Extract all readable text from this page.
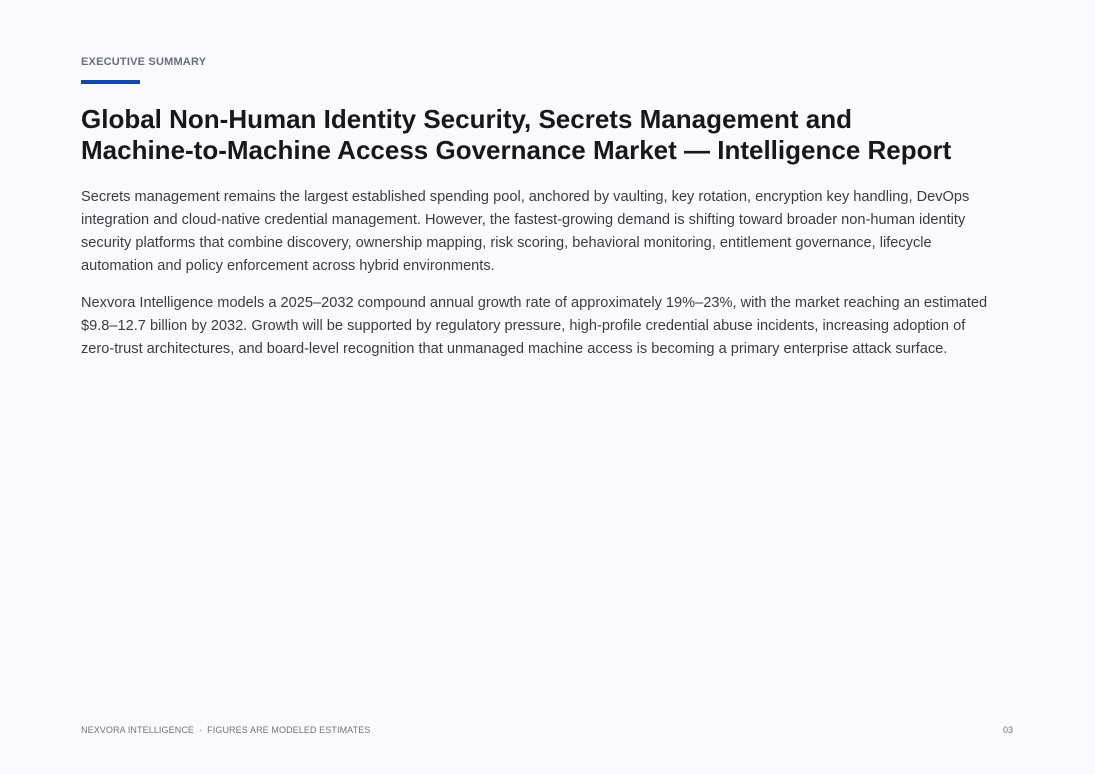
EXECUTIVE SUMMARY
Global Non-Human Identity Security, Secrets Management and
Machine-to-Machine Access Governance Market — Intelligence Report

Secrets management remains the largest established spending pool, anchored by vaulting, key rotation, encryption key handling, DevOps integration and cloud-native credential management. However, the fastest-growing demand is shifting toward broader non-human identity security platforms that combine discovery, ownership mapping, risk scoring, behavioral monitoring, entitlement governance, lifecycle automation and policy enforcement across hybrid environments.

Nexvora Intelligence models a 2025–2032 compound annual growth rate of approximately 19%–23%, with the market reaching an estimated $9.8–12.7 billion by 2032. Growth will be supported by regulatory pressure, high-profile credential abuse incidents, increasing adoption of zero-trust architectures, and board-level recognition that unmanaged machine access is becoming a primary enterprise attack surface.

NEXVORA INTELLIGENCE · FIGURES ARE MODELED ESTIMATES	03
